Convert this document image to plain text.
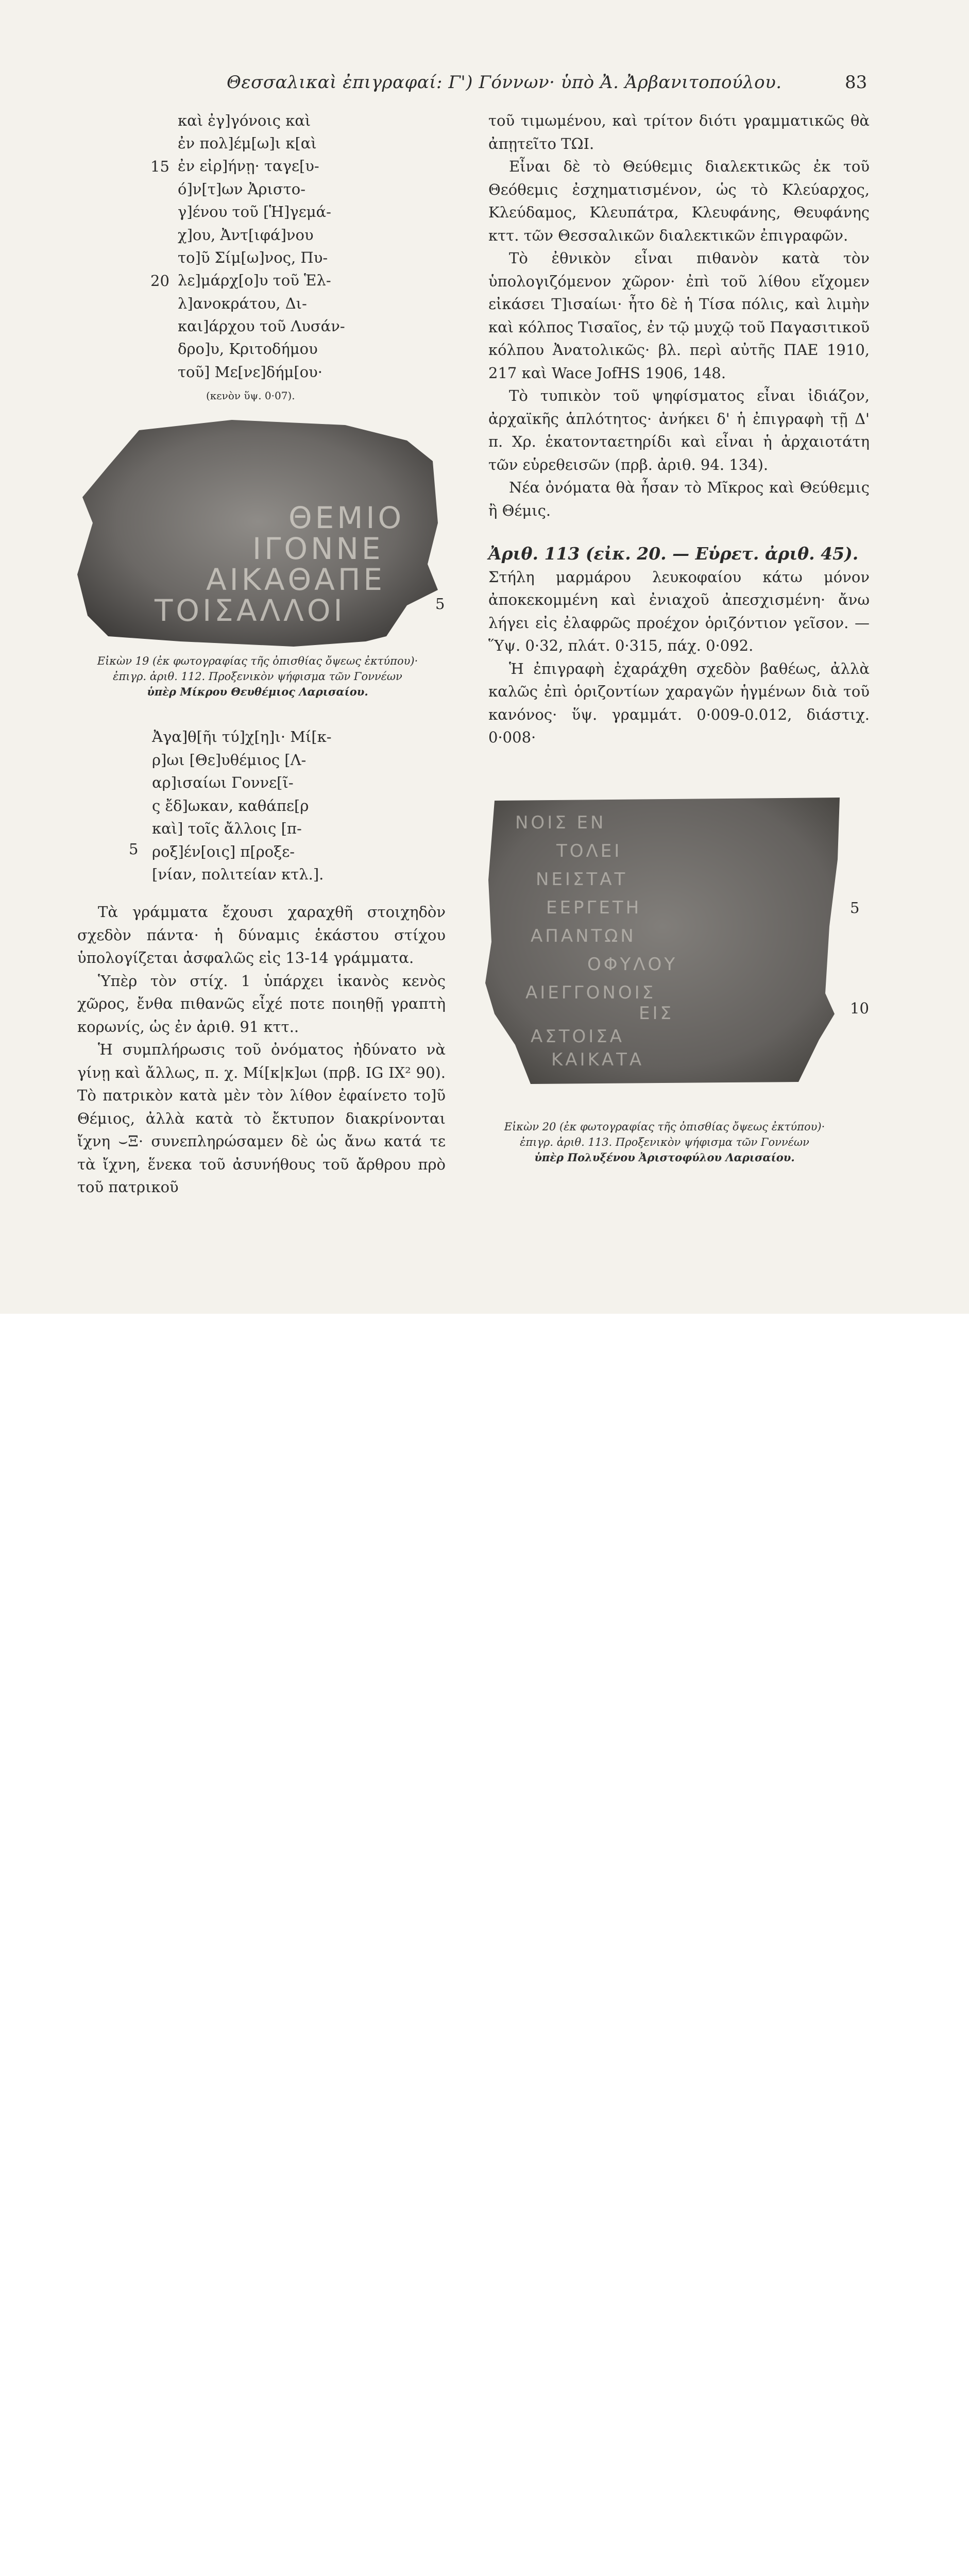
Θεσσαλικαὶ ἐπιγραφαί: Γ') Γόννων· ὑπὸ Ἀ. Ἀρβανιτοπούλου.	83
καὶ ἐγ]γόνοις καὶ
ἐν πολ]έμ[ω]ι κ[αὶ
ἐν εἰρ]ήνῃ· ταγε[υ-
ό]ν[τ]ων Ἀριστο-
γ]ένου τοῦ [Ἡ]γεμά-
χ]ου, Ἀντ[ιφά]νου
το]ῦ Σίμ[ω]νος, Πυ-
λε]μάρχ[ο]υ τοῦ Ἑλ-
λ]ανοκράτου, Δι-
και]άρχου τοῦ Λυσάν-
δρο]υ, Κριτοδήμου
τοῦ] Με[νε]δήμ[ου·
15
20
(κενὸν ὕψ. 0·07).
ΘΕΜΙΟ
ΙΓΟΝΝΕ
ΑΙΚΑΘΑΠΕ
ΤΟΙΣΑΛΛΟΙ	5
Εἰκὼν 19 (ἐκ φωτογραφίας τῆς ὀπισθίας ὄψεως ἐκτύπου)·
ἐπιγρ. ἀριθ. 112. Προξενικὸν ψήφισμα τῶν Γοννέων
ὑπὲρ Μίκρου Θευθέμιος Λαρισαίου.
Ἀγα]θ[ῆι τύ]χ[η]ι· Μί[κ-
ρ]ωι [Θε]υθέμιος [Λ-
αρ]ισαίωι Γοννε[ῖ-
ς ἔδ]ωκαν, καθάπε[ρ
καὶ] τοῖς ἄλλοις [π-
ροξ]έν[οις] π[ροξε-
[νίαν, πολιτείαν κτλ.].
5

Τὰ γράμματα ἔχουσι χαραχθῆ στοιχηδὸν σχεδὸν πάντα· ἡ δύναμις ἑκάστου στίχου ὑπολογίζεται ἀσφαλῶς εἰς 13-14 γράμματα.

Ὑπὲρ τὸν στίχ. 1 ὑπάρχει ἱκανὸς κενὸς χῶρος, ἔνθα πιθανῶς εἶχέ ποτε ποιηθῇ γραπτὴ κορωνίς, ὡς ἐν ἀριθ. 91 κττ..

Ἡ συμπλήρωσις τοῦ ὀνόματος ἠδύνατο νὰ γίνῃ καὶ ἄλλως, π. χ. Μί[κ|κ]ωι (πρβ. IG IX² 90). Τὸ πατρικὸν κατὰ μὲν τὸν λίθον ἐφαίνετο το]ῦ Θέμιος, ἀλλὰ κατὰ τὸ ἔκτυπον διακρίνονται ἴχνη ⌣Ξ· συνεπληρώσαμεν δὲ ὡς ἄνω κατά τε τὰ ἴχνη, ἕνεκα τοῦ ἀσυνήθους τοῦ ἄρθρου πρὸ τοῦ πατρικοῦ

τοῦ τιμωμένου, καὶ τρίτον διότι γραμματικῶς θὰ ἀπῃτεῖτο ΤΩΙ.

Εἶναι δὲ τὸ Θεύθεμις διαλεκτικῶς ἐκ τοῦ Θεόθεμις ἐσχηματισμένον, ὡς τὸ Κλεύαρχος, Κλεύδαμος, Κλευπάτρα, Κλευφάνης, Θευφάνης κττ. τῶν Θεσσαλικῶν διαλεκτικῶν ἐπιγραφῶν.

Τὸ ἐθνικὸν εἶναι πιθανὸν κατὰ τὸν ὑπολογιζόμενον χῶρον· ἐπὶ τοῦ λίθου εἴχομεν εἰκάσει Τ]ισαίωι· ἦτο δὲ ἡ Τίσα πόλις, καὶ λιμὴν καὶ κόλπος Τισαῖος, ἐν τῷ μυχῷ τοῦ Παγασιτικοῦ κόλπου Ἀνατολικῶς· βλ. περὶ αὐτῆς ΠΑΕ 1910, 217 καὶ Wace JofHS 1906, 148.

Τὸ τυπικὸν τοῦ ψηφίσματος εἶναι ἰδιάζον, ἀρχαϊκῆς ἁπλότητος· ἀνήκει δ' ἡ ἐπιγραφὴ τῇ Δ' π. Χρ. ἑκατονταετηρίδι καὶ εἶναι ἡ ἀρχαιοτάτη τῶν εὑρεθεισῶν (πρβ. ἀριθ. 94. 134).

Νέα ὀνόματα θὰ ἦσαν τὸ Μῖκρος καὶ Θεύθεμις ἢ Θέμις.

Ἀριθ. 113 (εἰκ. 20. — Εὑρετ. ἀριθ. 45).

Στήλη μαρμάρου λευκοφαίου κάτω μόνον ἀποκεκομμένη καὶ ἐνιαχοῦ ἀπεσχισμένη· ἄνω λήγει εἰς ἐλαφρῶς προέχον ὁριζόντιον γεῖσον. — Ὕψ. 0·32, πλάτ. 0·315, πάχ. 0·092.

Ἡ ἐπιγραφὴ ἐχαράχθη σχεδὸν βαθέως, ἀλλὰ καλῶς ἐπὶ ὁριζοντίων χαραγῶν ἡγμένων διὰ τοῦ κανόνος· ὕψ. γραμμάτ. 0·009-0.012, διάστιχ. 0·008·

ΝΟΙΣ ΕΝ
ΤΟΛΕΙ
ΝΕΙΣΤΑΤ
ΕΕΡΓΕΤΗ
ΑΠΑΝΤΩΝ
ΟΦΥΛΟΥ
ΑΙΕΓΓΟΝΟΙΣ
ΕΙΣ
ΑΣΤΟΙΣΑ
ΚΑΙΚΑΤΑ
5
10
Εἰκὼν 20 (ἐκ φωτογραφίας τῆς ὀπισθίας ὄψεως ἐκτύπου)·
ἐπιγρ. ἀριθ. 113. Προξενικὸν ψήφισμα τῶν Γοννέων
ὑπὲρ Πολυξένου Ἀριστοφύλου Λαρισαίου.
